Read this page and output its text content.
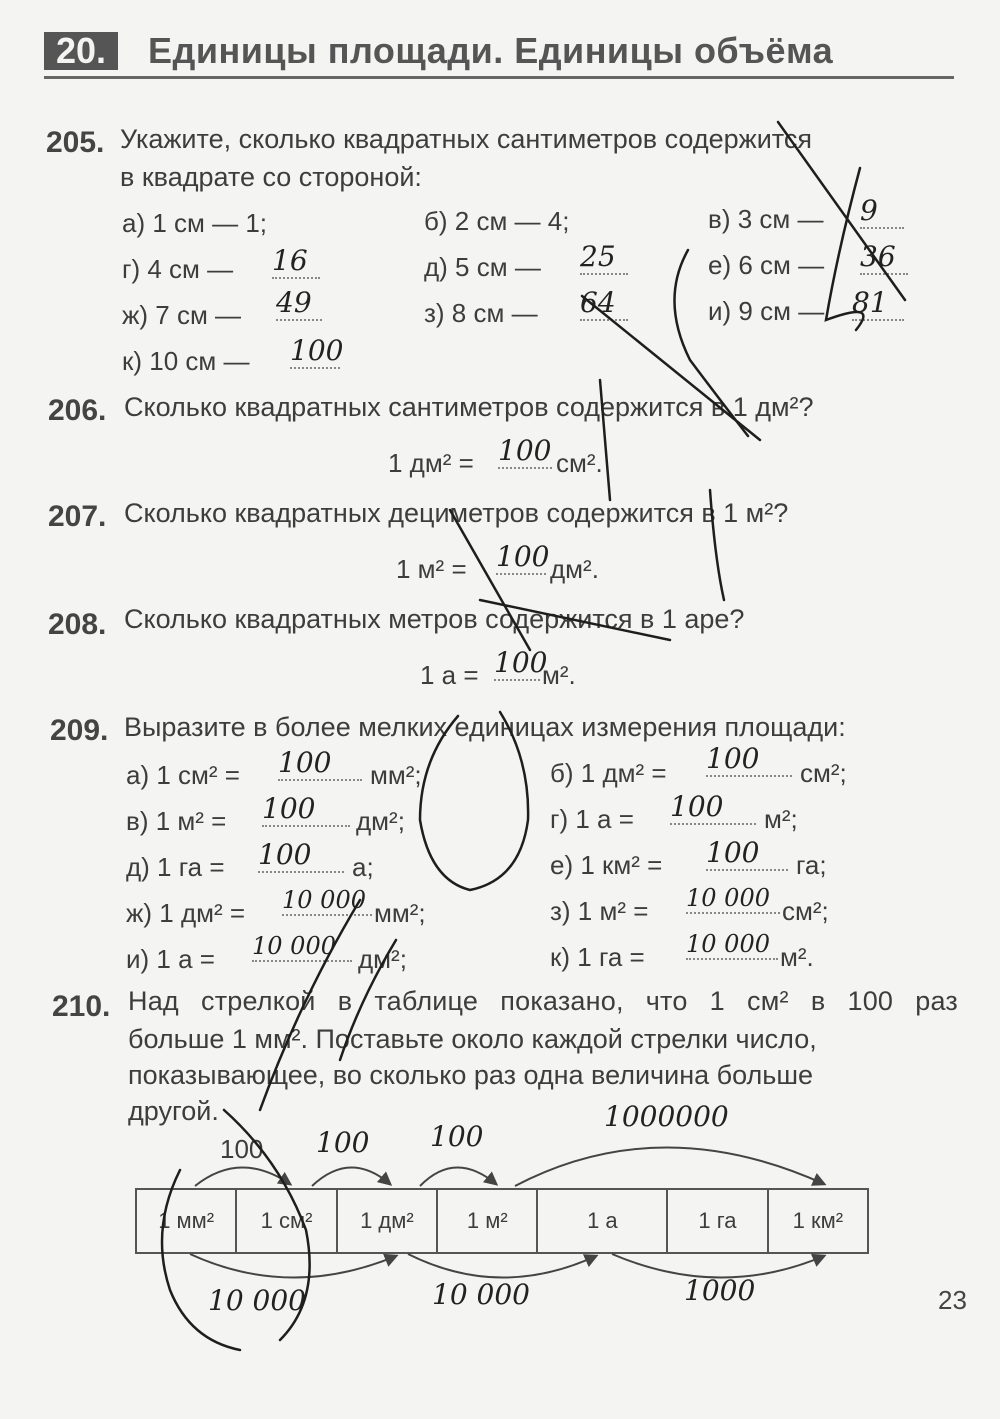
20.	Единицы площади. Единицы объёма
205. Укажите, сколько квадратных сантиметров содержится
в квадрате со стороной:
а) 1 см — 1;	б) 2 см — 4;	в) 3 см — 9
г) 4 см — 16	д) 5 см — 25	е) 6 см — 36
ж) 7 см — 49	з) 8 см — 64	и) 9 см — 81
к) 10 см — 100
206. Сколько квадратных сантиметров содержится в 1 дм²?
1 дм² = 100 см².
207. Сколько квадратных дециметров содержится в 1 м²?
1 м² = 100 дм².
208. Сколько квадратных метров содержится в 1 аре?
1 а = 100
м².
209. Выразите в более мелких единицах измерения площади:
а) 1 см² = 100	мм²;	б) 1 дм² = 100	см²;
в) 1 м² = 100	дм²;	г) 1 а = 100	м²;
д) 1 га = 100	а;	е) 1 км² = 100	га;
ж) 1 дм² = 10 000 мм²;	з) 1 м² = 10 000 см²;
и) 1 а = 10 000 дм²;	к) 1 га = 10 000 м².
210. Над стрелкой в таблице показано, что 1 см² в 100 раз
больше 1 мм². Поставьте около каждой стрелки число,
показывающее, во сколько раз одна величина больше
другой.
100
1 мм²	1 см²	1 дм²	1 м²	1 а	1 га	1 км²
100 100
1000000
10 000	10 000	1000	23
